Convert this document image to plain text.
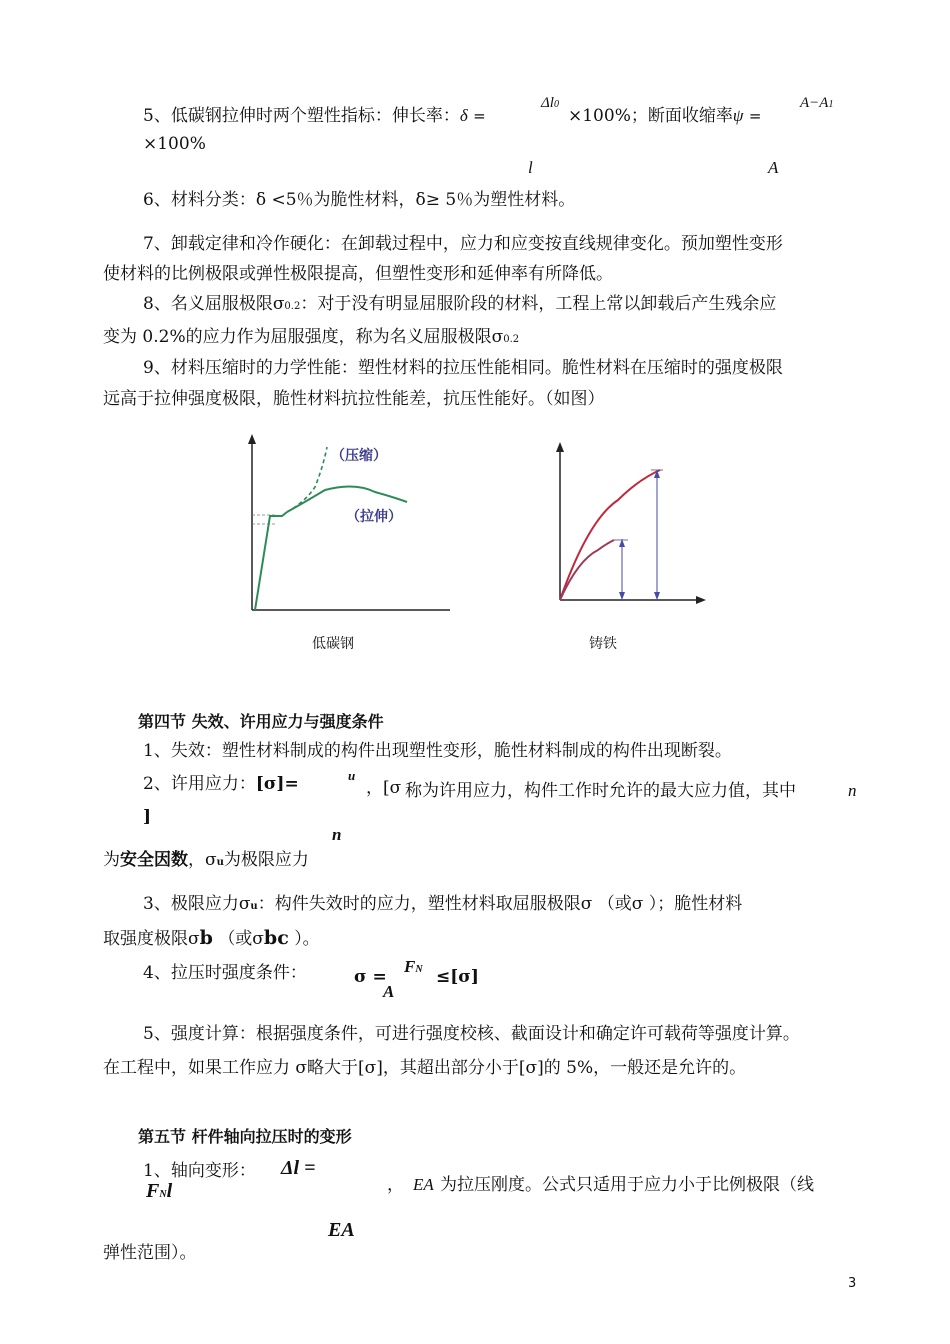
5、低碳钢拉伸时两个塑性指标：伸长率：δ =
Δl0
×100%；断面收缩率ψ =
A−A1
×100%
l	A
6、材料分类：δ <5％为脆性材料，δ≥ 5％为塑性材料。
7、卸载定律和冷作硬化：在卸载过程中，应力和应变按直线规律变化。预加塑性变形
使材料的比例极限或弹性极限提高，但塑性变形和延伸率有所降低。
8、名义屈服极限σ0.2：对于没有明显屈服阶段的材料，工程上常以卸载后产生残余应
变为 0.2%的应力作为屈服强度，称为名义屈服极限σ0.2
9、材料压缩时的力学性能：塑性材料的拉压性能相同。脆性材料在压缩时的强度极限
远高于拉伸强度极限，脆性材料抗拉性能差，抗压性能好。（如图）
（压缩）
（拉伸）
低碳钢	铸铁
第四节 失效、许用应力与强度条件
1、失效：塑性材料制成的构件出现塑性变形，脆性材料制成的构件出现断裂。
2、许用应力：[σ]=	u
，[σ 称为许用应力，构件工作时允许的最大应力值，其中	n
]
n
为安全因数，σu为极限应力
3、极限应力σu：构件失效时的应力，塑性材料取屈服极限σ （或σ ）；脆性材料
取强度极限σb （或σbc ）。
4、拉压时强度条件：	σ =
FN ≤[σ]
A
5、强度计算：根据强度条件，可进行强度校核、截面设计和确定许可载荷等强度计算。
在工程中，如果工作应力 σ略大于[σ]，其超出部分小于[σ]的 5%，一般还是允许的。
第五节 杆件轴向拉压时的变形
1、轴向变形： Δl =
FNl	， EA 为拉压刚度。公式只适用于应力小于比例极限（线
EA
弹性范围）。
3
